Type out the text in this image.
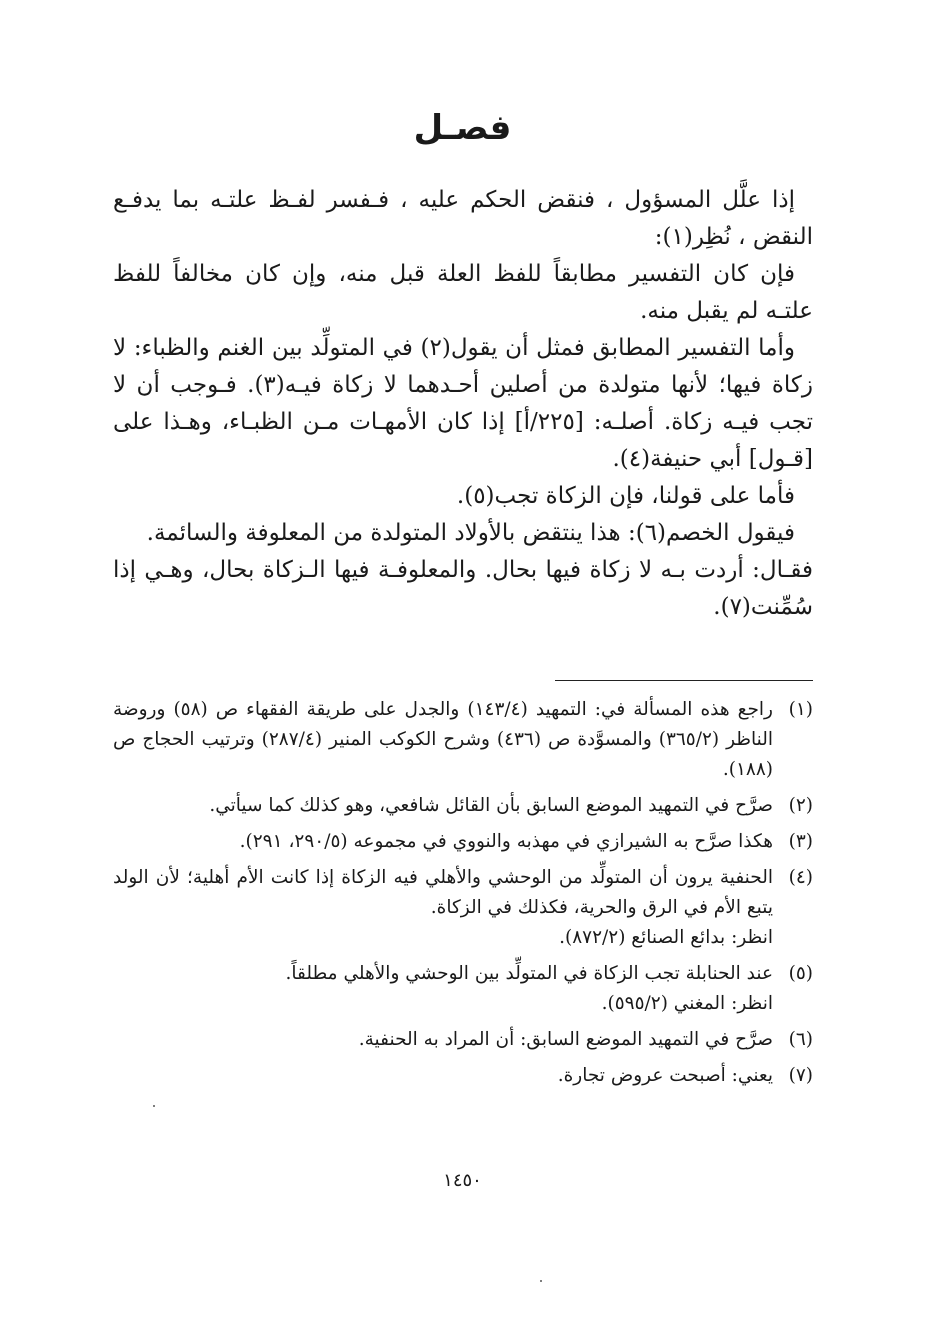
فصـل

إذا علَّل المسؤول ، فنقض الحكم عليه ، فـفسر لفـظ علتـه بما يدفـع النقض ، نُظِر(١):

فإن كان التفسير مطابقاً للفظ العلة قبل منه، وإن كان مخالفاً للفظ علتـه لم يقبل منه.

وأما التفسير المطابق فمثل أن يقول(٢) في المتولِّد بين الغنم والظباء: لا زكاة فيها؛ لأنها متولدة من أصلين أحـدهما لا زكاة فيـه(٣). فـوجب أن لا تجب فيـه زكاة. أصلـه: [٢٢٥/أ] إذا كان الأمهـات مـن الظبـاء، وهـذا على [قـول] أبي حنيفة(٤).

فأما على قولنا، فإن الزكاة تجب(٥).

فيقول الخصم(٦): هذا ينتقض بالأولاد المتولدة من المعلوفة والسائمة.

فقـال: أردت بـه لا زكاة فيها بحال. والمعلوفـة فيها الـزكاة بحال، وهـي إذا سُمِّنت(٧).

(١)
راجع هذه المسألة في: التمهيد (١٤٣/٤) والجدل على طريقة الفقهاء ص (٥٨) وروضة الناظر (٣٦٥/٢) والمسوَّدة ص (٤٣٦) وشرح الكوكب المنير (٢٨٧/٤) وترتيب الحجاج ص (١٨٨).
(٢)
صرَّح في التمهيد الموضع السابق بأن القائل شافعي، وهو كذلك كما سيأتي.
(٣)
هكذا صرَّح به الشيرازي في مهذبه والنووي في مجموعه (٢٩٠/٥، ٢٩١).
(٤)
الحنفية يرون أن المتولِّد من الوحشي والأهلي فيه الزكاة إذا كانت الأم أهلية؛ لأن الولد يتبع الأم في الرق والحرية، فكذلك في الزكاة.
انظر: بدائع الصنائع (٨٧٢/٢).
(٥)
عند الحنابلة تجب الزكاة في المتولِّد بين الوحشي والأهلي مطلقاً.
انظر: المغني (٥٩٥/٢).
(٦)
صرَّح في التمهيد الموضع السابق: أن المراد به الحنفية.
(٧)
يعني: أصبحت عروض تجارة.
١٤٥٠
